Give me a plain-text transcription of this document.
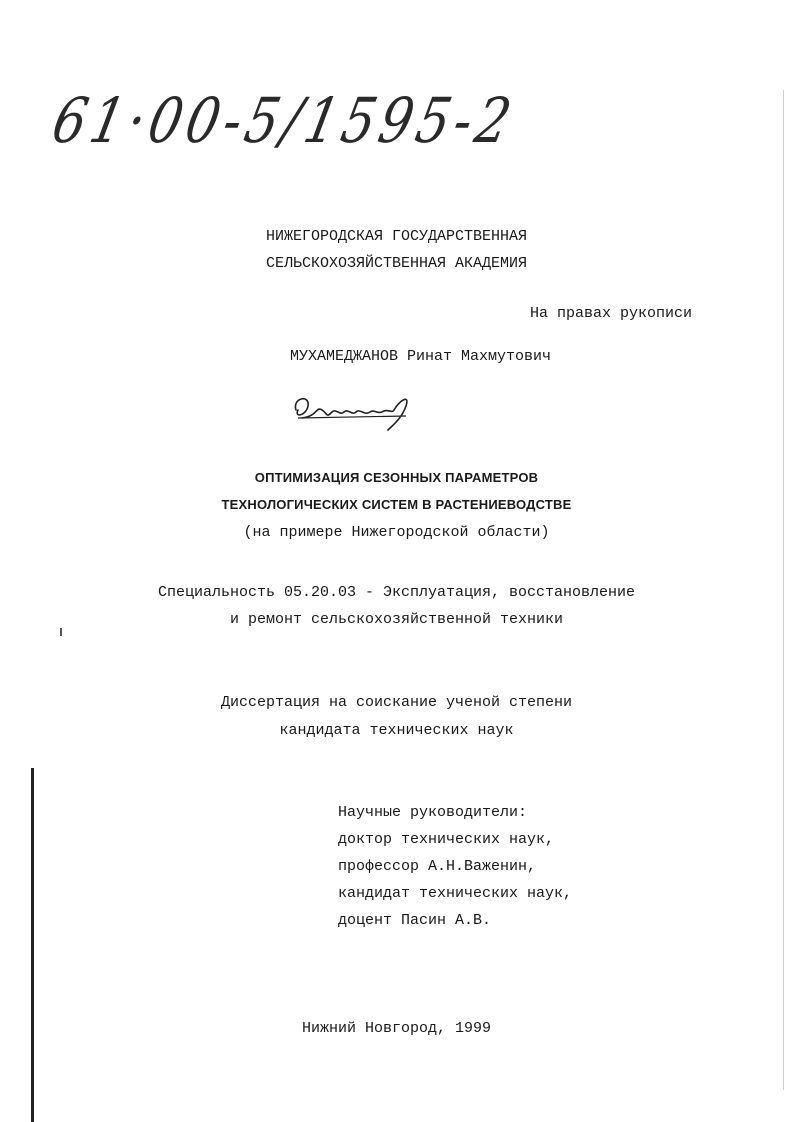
61·00-5/1595-2
НИЖЕГОРОДСКАЯ ГОСУДАРСТВЕННАЯ
СЕЛЬСКОХОЗЯЙСТВЕННАЯ АКАДЕМИЯ
На правах рукописи
МУХАМЕДЖАНОВ Ринат Махмутович
ОПТИМИЗАЦИЯ СЕЗОННЫХ ПАРАМЕТРОВ
ТЕХНОЛОГИЧЕСКИХ СИСТЕМ В РАСТЕНИЕВОДСТВЕ
(на примере Нижегородской области)
Специальность 05.20.03 - Эксплуатация, восстановление
и ремонт сельскохозяйственной техники
Диссертация на соискание ученой степени
кандидата технических наук
Научные руководители:
доктор технических наук,
профессор А.Н.Важенин,
кандидат технических наук,
доцент Пасин А.В.
Нижний Новгород, 1999
